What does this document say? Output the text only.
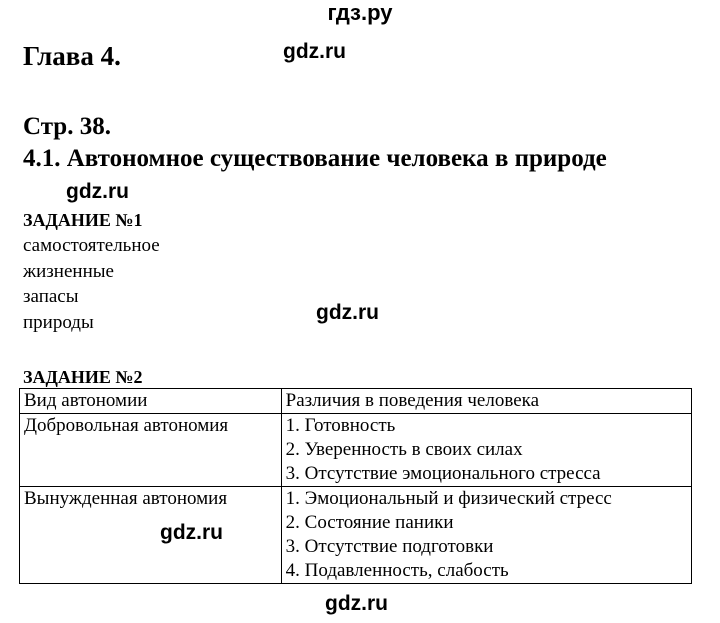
гдз.ру
Глава 4.	gdz.ru
Стр. 38.
4.1. Автономное существование человека в природе
gdz.ru
ЗАДАНИЕ №1
самостоятельное
жизненные
запасы
природы	gdz.ru
ЗАДАНИЕ №2
Вид автономии	Различия в поведения человека
Добровольная автономия	1. Готовность
2. Уверенность в своих силах
3. Отсутствие эмоционального стресса

Вынужденная автономия	1. Эмоциональный и физический стресс
2. Состояние паники
3. Отсутствие подготовки
4. Подавленность, слабость
gdz.ru
gdz.ru
